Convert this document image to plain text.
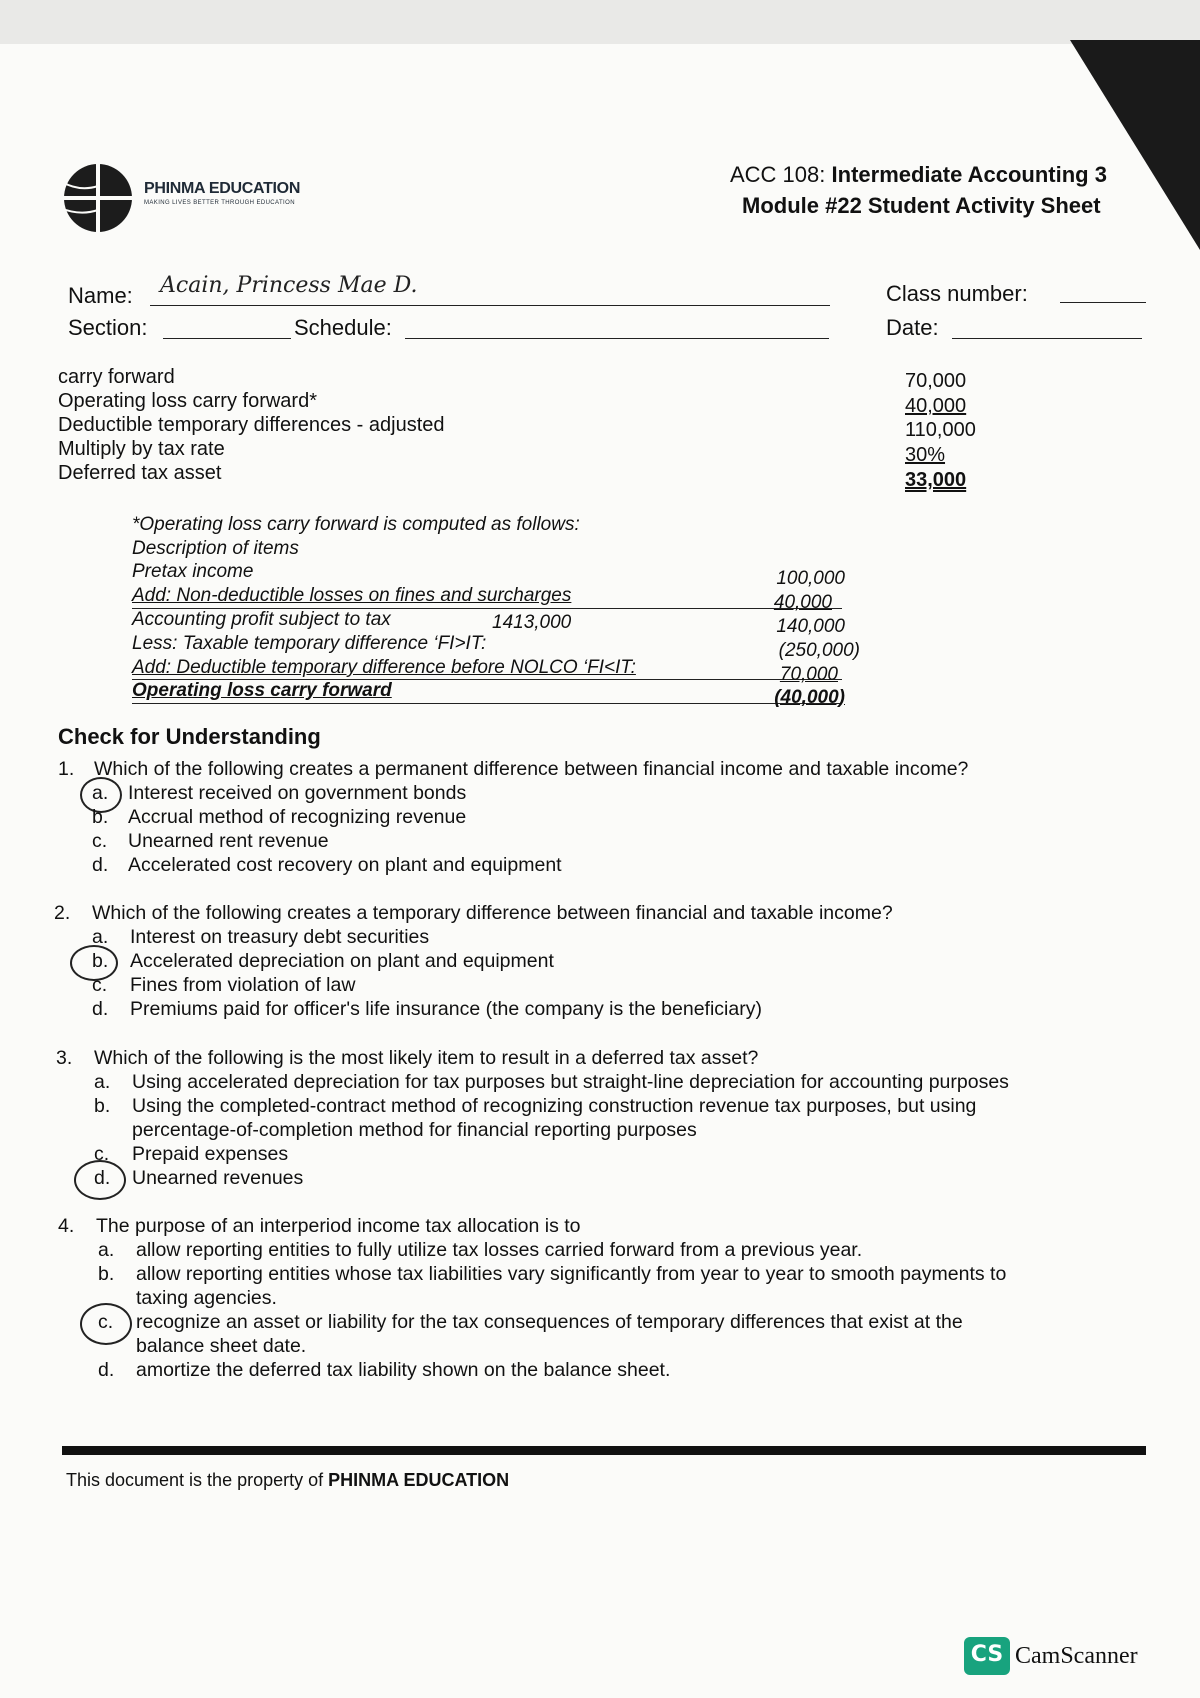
PHINMA EDUCATION
MAKING LIVES BETTER THROUGH EDUCATION
ACC 108: Intermediate Accounting 3
Module #22 Student Activity Sheet
Name: Acain, Princess Mae D.
Section:	Schedule:
Class number:
Date:
carry forward
Operating loss carry forward*
Deductible temporary differences - adjusted
Multiply by tax rate
Deferred tax asset
70,000
40,000
110,000
30%
33,000
*Operating loss carry forward is computed as follows:
Description of items
Pretax income
Add: Non-deductible losses on fines and surcharges
Accounting profit subject to tax	1413,000
Less: Taxable temporary difference ‘FI>IT:
Add: Deductible temporary difference before NOLCO ‘FI<IT:
Operating loss carry forward
100,000
40,000
140,000
(250,000)
70,000
(40,000)
Check for Understanding
1. Which of the following creates a permanent difference between financial income and taxable income?
a. Interest received on government bonds
b. Accrual method of recognizing revenue
c. Unearned rent revenue
d. Accelerated cost recovery on plant and equipment
2. Which of the following creates a temporary difference between financial and taxable income?
a. Interest on treasury debt securities
b. Accelerated depreciation on plant and equipment
c. Fines from violation of law
d. Premiums paid for officer's life insurance (the company is the beneficiary)
3. Which of the following is the most likely item to result in a deferred tax asset?
a. Using accelerated depreciation for tax purposes but straight-line depreciation for accounting purposes
b. Using the completed-contract method of recognizing construction revenue tax purposes, but using
percentage-of-completion method for financial reporting purposes
c. Prepaid expenses
d. Unearned revenues
4. The purpose of an interperiod income tax allocation is to
a. allow reporting entities to fully utilize tax losses carried forward from a previous year.
b. allow reporting entities whose tax liabilities vary significantly from year to year to smooth payments to
taxing agencies.
c. recognize an asset or liability for the tax consequences of temporary differences that exist at the
balance sheet date.
d. amortize the deferred tax liability shown on the balance sheet.
This document is the property of PHINMA EDUCATION
CS CamScanner
